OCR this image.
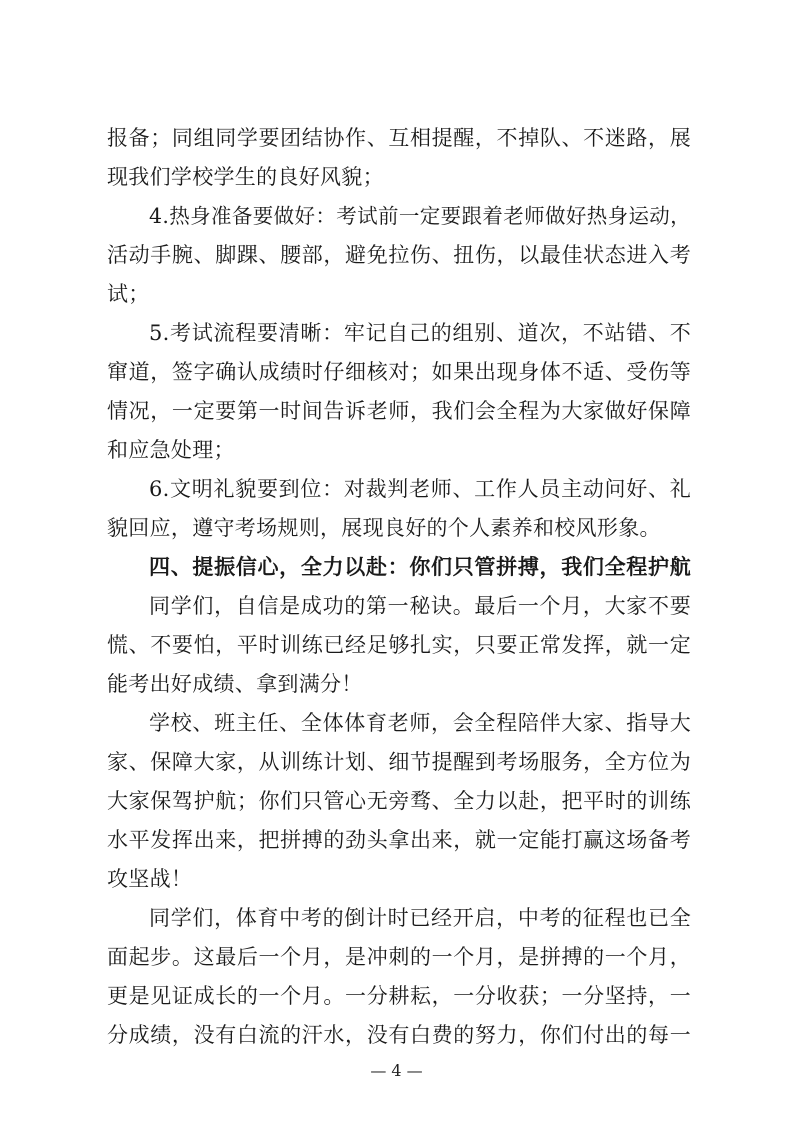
报备；同组同学要团结协作、互相提醒，不掉队、不迷路，展
现我们学校学生的良好风貌；
4.热身准备要做好：考试前一定要跟着老师做好热身运动，
活动手腕、脚踝、腰部，避免拉伤、扭伤，以最佳状态进入考
试；
5.考试流程要清晰：牢记自己的组别、道次，不站错、不
窜道，签字确认成绩时仔细核对；如果出现身体不适、受伤等
情况，一定要第一时间告诉老师，我们会全程为大家做好保障
和应急处理；
6.文明礼貌要到位：对裁判老师、工作人员主动问好、礼
貌回应，遵守考场规则，展现良好的个人素养和校风形象。
四、提振信心，全力以赴：你们只管拼搏，我们全程护航
同学们，自信是成功的第一秘诀。最后一个月，大家不要
慌、不要怕，平时训练已经足够扎实，只要正常发挥，就一定
能考出好成绩、拿到满分！
学校、班主任、全体体育老师，会全程陪伴大家、指导大
家、保障大家，从训练计划、细节提醒到考场服务，全方位为
大家保驾护航；你们只管心无旁骛、全力以赴，把平时的训练
水平发挥出来，把拼搏的劲头拿出来，就一定能打赢这场备考
攻坚战！
同学们，体育中考的倒计时已经开启，中考的征程也已全
面起步。这最后一个月，是冲刺的一个月，是拼搏的一个月，
更是见证成长的一个月。一分耕耘，一分收获；一分坚持，一
分成绩，没有白流的汗水，没有白费的努力，你们付出的每一
— 4 —
